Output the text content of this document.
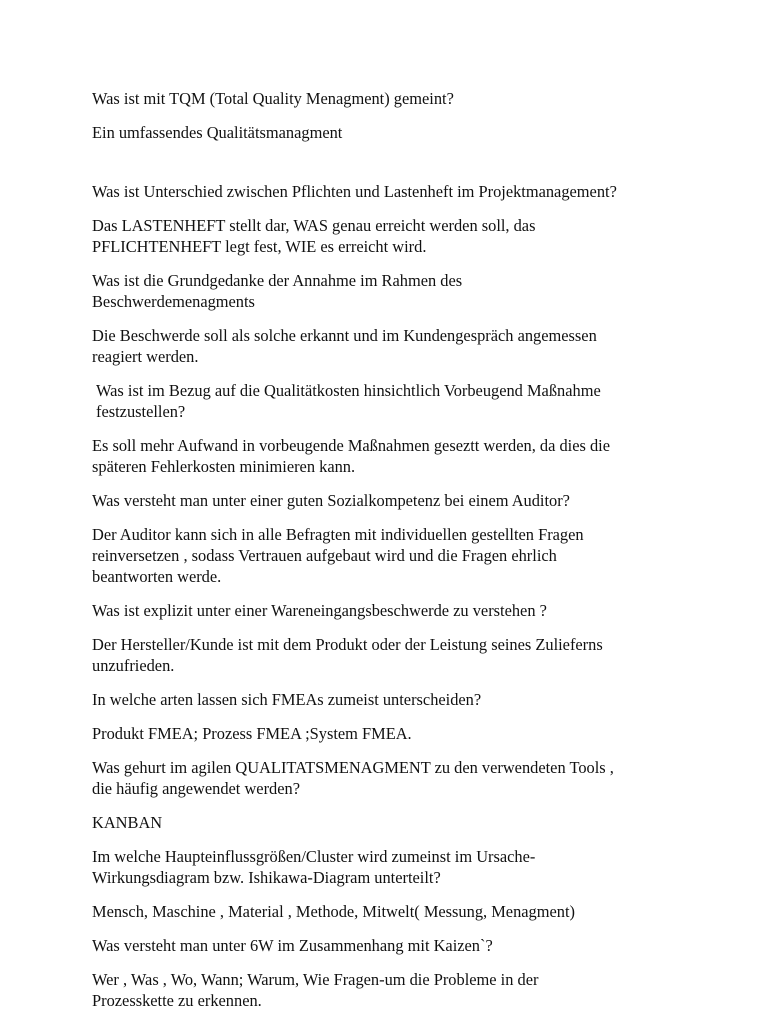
Was ist mit TQM (Total Quality Menagment) gemeint?

Ein umfassendes Qualitätsmanagment

Was ist Unterschied zwischen Pflichten und Lastenheft im Projektmanagement?

Das LASTENHEFT stellt dar, WAS genau erreicht werden soll, das
PFLICHTENHEFT legt fest, WIE es erreicht wird.

Was ist die Grundgedanke der Annahme im Rahmen des
Beschwerdemenagments

Die Beschwerde soll als solche erkannt und im Kundengespräch angemessen
reagiert werden.

Was ist im Bezug auf die Qualitätkosten hinsichtlich Vorbeugend Maßnahme
festzustellen?

Es soll mehr Aufwand in vorbeugende Maßnahmen geseztt werden, da dies die
späteren Fehlerkosten minimieren kann.

Was versteht man unter einer guten Sozialkompetenz bei einem Auditor?

Der Auditor kann sich in alle Befragten mit individuellen gestellten Fragen
reinversetzen , sodass Vertrauen aufgebaut wird und die Fragen ehrlich
beantworten werde.

Was ist explizit unter einer Wareneingangsbeschwerde zu verstehen ?

Der Hersteller/Kunde ist mit dem Produkt oder der Leistung seines Zulieferns
unzufrieden.

In welche arten lassen sich FMEAs zumeist unterscheiden?

Produkt FMEA; Prozess FMEA ;System FMEA.

Was gehurt im agilen QUALITATSMENAGMENT zu den verwendeten Tools ,
die häufig angewendet werden?

KANBAN

Im welche Haupteinflussgrößen/Cluster wird zumeinst im Ursache-
Wirkungsdiagram bzw. Ishikawa-Diagram unterteilt?

Mensch, Maschine , Material , Methode, Mitwelt( Messung, Menagment)

Was versteht man unter 6W im Zusammenhang mit Kaizen`?

Wer , Was , Wo, Wann; Warum, Wie Fragen-um die Probleme in der
Prozesskette zu erkennen.
